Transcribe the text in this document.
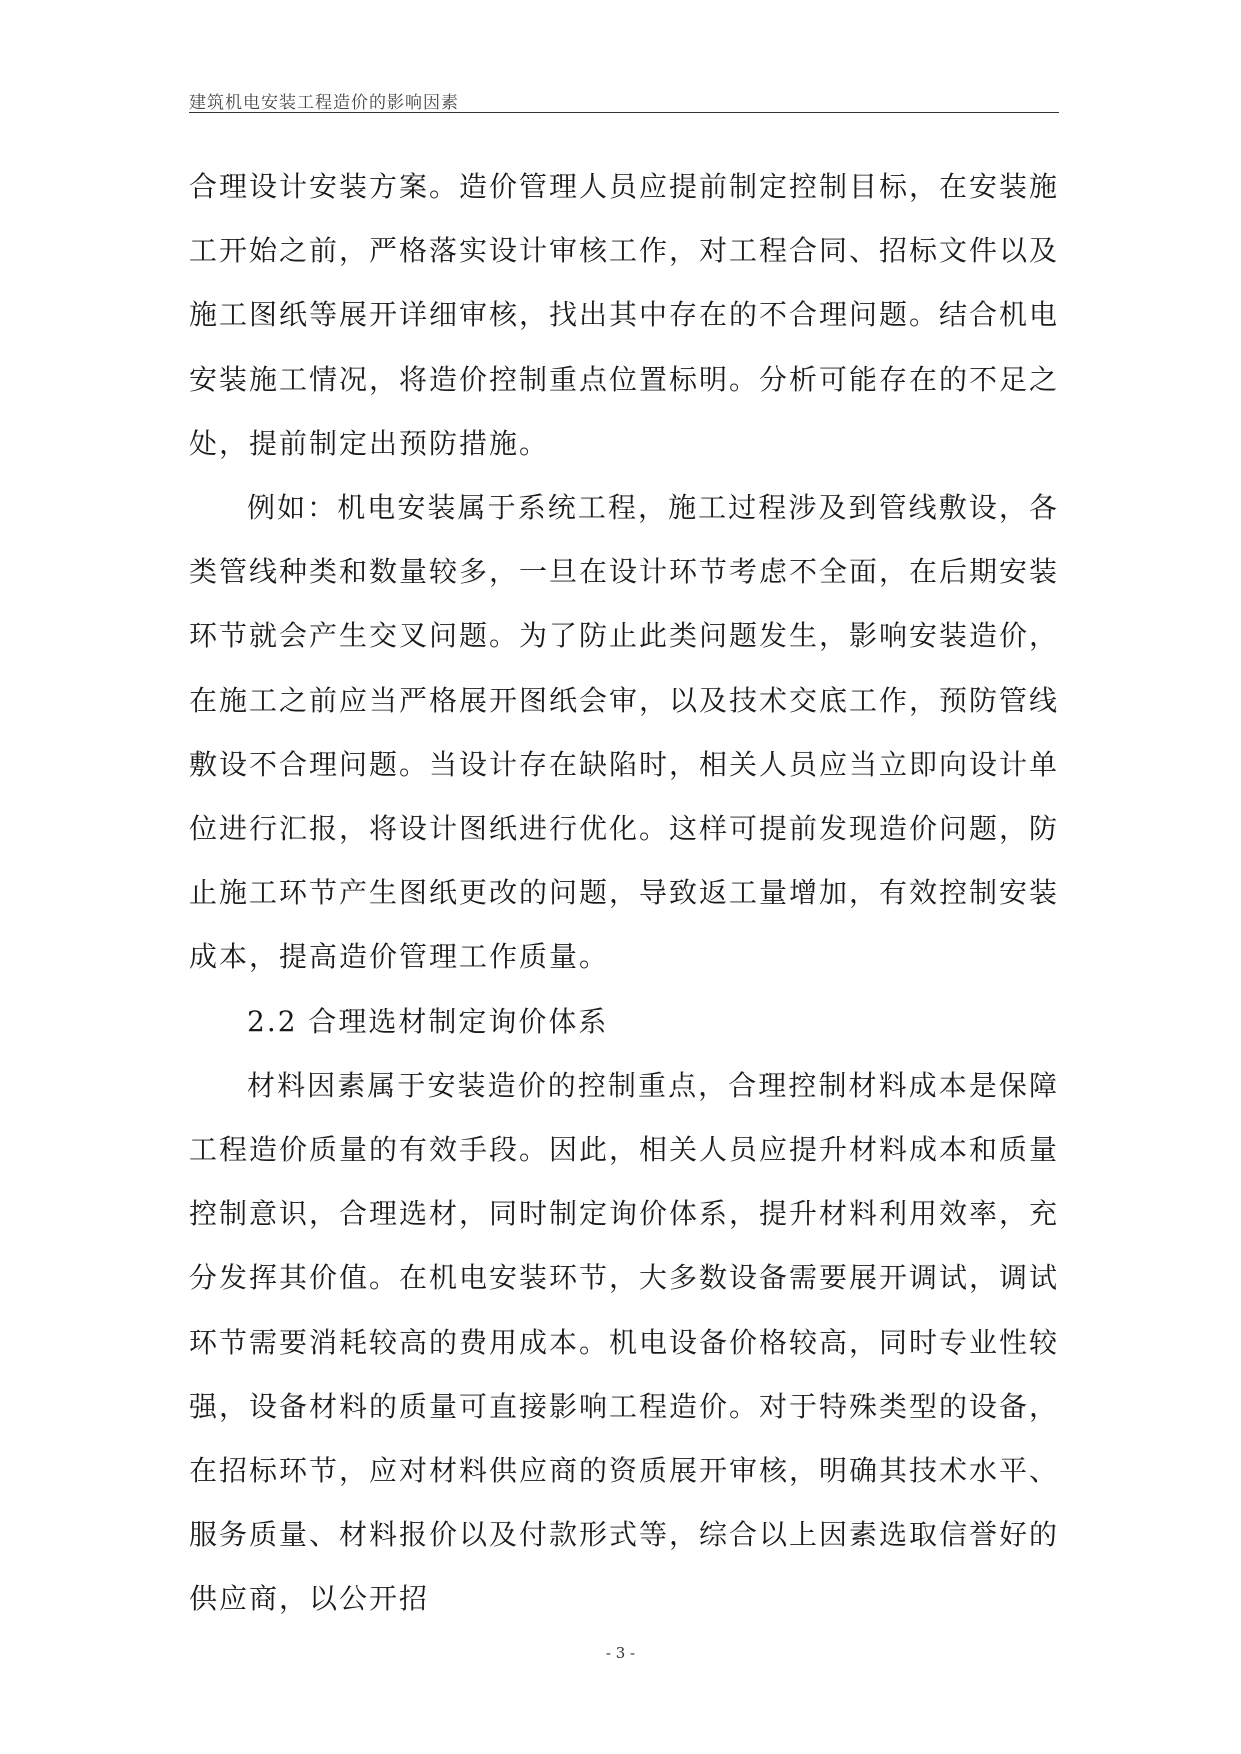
建筑机电安装工程造价的影响因素

合理设计安装方案。造价管理人员应提前制定控制目标，在安装施工开始之前，严格落实设计审核工作，对工程合同、招标文件以及施工图纸等展开详细审核，找出其中存在的不合理问题。结合机电安装施工情况，将造价控制重点位置标明。分析可能存在的不足之处，提前制定出预防措施。

例如：机电安装属于系统工程，施工过程涉及到管线敷设，各类管线种类和数量较多，一旦在设计环节考虑不全面，在后期安装环节就会产生交叉问题。为了防止此类问题发生，影响安装造价，在施工之前应当严格展开图纸会审，以及技术交底工作，预防管线敷设不合理问题。当设计存在缺陷时，相关人员应当立即向设计单位进行汇报，将设计图纸进行优化。这样可提前发现造价问题，防止施工环节产生图纸更改的问题，导致返工量增加，有效控制安装成本，提高造价管理工作质量。

2.2 合理选材制定询价体系

材料因素属于安装造价的控制重点，合理控制材料成本是保障工程造价质量的有效手段。因此，相关人员应提升材料成本和质量控制意识，合理选材，同时制定询价体系，提升材料利用效率，充分发挥其价值。在机电安装环节，大多数设备需要展开调试，调试环节需要消耗较高的费用成本。机电设备价格较高，同时专业性较强，设备材料的质量可直接影响工程造价。对于特殊类型的设备，在招标环节，应对材料供应商的资质展开审核，明确其技术水平、服务质量、材料报价以及付款形式等，综合以上因素选取信誉好的供应商，以公开招

- 3 -
